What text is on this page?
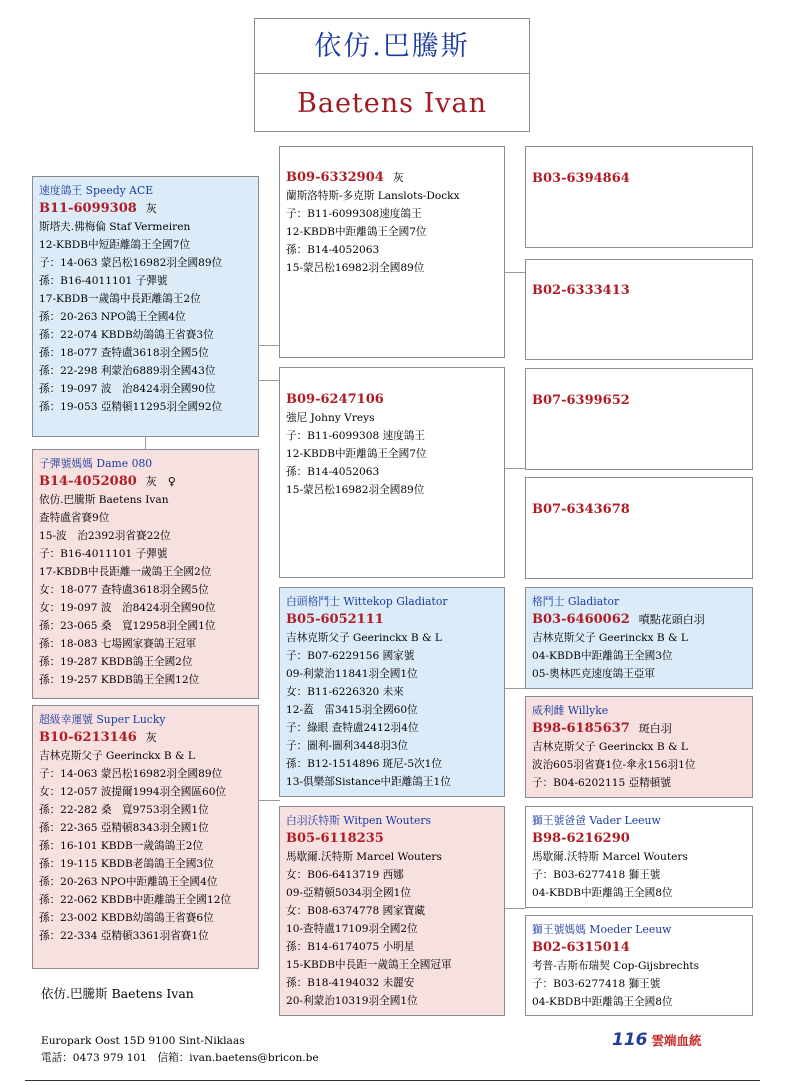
依仿.巴騰斯
Baetens Ivan
速度鴿王 Speedy ACE
B11-6099308 灰
斯塔夫.佛梅倫 Staf Vermeiren
12-KBDB中短距離鴿王全國7位
子：14-063 蒙呂松16982羽全國89位
孫：B16-4011101 子彈號
17-KBDB一歲鴿中長距離鴿王2位
孫：20-263 NPO鴿王全國4位
孫：22-074 KBDB幼鴿鴿王省賽3位
孫：18-077 查特盧3618羽全國5位
孫：22-298 利蒙治6889羽全國43位
孫：19-097 波　治8424羽全國90位
孫：19-053 亞精頓11295羽全國92位
子彈號媽媽 Dame 080
B14-4052080 灰 ♀
依仿.巴騰斯 Baetens Ivan
查特盧省賽9位
15-波　治2392羽省賽22位
子：B16-4011101 子彈號
17-KBDB中長距離一歲鴿王全國2位
女：18-077 查特盧3618羽全國5位
女：19-097 波　治8424羽全國90位
孫：23-065 桑　寬12958羽全國1位
孫：18-083 七場國家賽鴿王冠軍
孫：19-287 KBDB鴿王全國2位
孫：19-257 KBDB鴿王全國12位
超級幸運號 Super Lucky
B10-6213146 灰
吉林克斯父子 Geerinckx B & L
子：14-063 蒙呂松16982羽全國89位
女：12-057 波提爾1994羽全國區60位
孫：22-282 桑　寬9753羽全國1位
孫：22-365 亞精頓8343羽全國1位
孫：16-101 KBDB一歲鴿鴿王2位
孫：19-115 KBDB老鴿鴿王全國3位
孫：20-263 NPO中距離鴿王全國4位
孫：22-062 KBDB中距離鴿王全國12位
孫：23-002 KBDB幼鴿鴿王省賽6位
孫：22-334 亞精頓3361羽省賽1位
B09-6332904 灰
蘭斯洛特斯-多克斯 Lanslots-Dockx
子：B11-6099308速度鴿王
12-KBDB中距離鴿王全國7位
孫：B14-4052063
15-蒙呂松16982羽全國89位
B09-6247106
強尼 Johny Vreys
子：B11-6099308 速度鴿王
12-KBDB中距離鴿王全國7位
孫：B14-4052063
15-蒙呂松16982羽全國89位
白頭格鬥士 Wittekop Gladiator
B05-6052111
吉林克斯父子 Geerinckx B & L
子：B07-6229156 國家號
09-利蒙治11841羽全國1位
女：B11-6226320 未來
12-蓋　雷3415羽全國60位
子：綠眼 查特盧2412羽4位
子：圖利-圖利3448羽3位
孫：B12-1514896 斑尼-5次1位
13-俱樂部Sistance中距離鴿王1位
白羽沃特斯 Witpen Wouters
B05-6118235
馬歇爾.沃特斯 Marcel Wouters
女：B06-6413719 西娜
09-亞精頓5034羽全國1位
女：B08-6374778 國家寶藏
10-查特盧17109羽全國2位
孫：B14-6174075 小明星
15-KBDB中長距一歲鴿王全國冠軍
孫：B18-4194032 未麗安
20-利蒙治10319羽全國1位
B03-6394864
B02-6333413
B07-6399652
B07-6343678
格鬥士 Gladiator
B03-6460062 噴點花頭白羽
吉林克斯父子 Geerinckx B & L
04-KBDB中距離鴿王全國3位
05-奧林匹克速度鴿王亞軍
威利雌 Willyke
B98-6185637 斑白羽
吉林克斯父子 Geerinckx B & L
波治605羽省賽1位-傘永156羽1位
子：B04-6202115 亞精頓號
獅王號爸爸 Vader Leeuw
B98-6216290
馬歇爾.沃特斯 Marcel Wouters
子：B03-6277418 獅王號
04-KBDB中距離鴿王全國8位
獅王號媽媽 Moeder Leeuw
B02-6315014
考普-吉斯布瑞契 Cop-Gijsbrechts
子：B03-6277418 獅王號
04-KBDB中距離鴿王全國8位
依仿.巴騰斯 Baetens Ivan
Europark Oost 15D 9100 Sint-Niklaas
電話：0473 979 101　信箱：ivan.baetens@bricon.be
116 雲端血統
